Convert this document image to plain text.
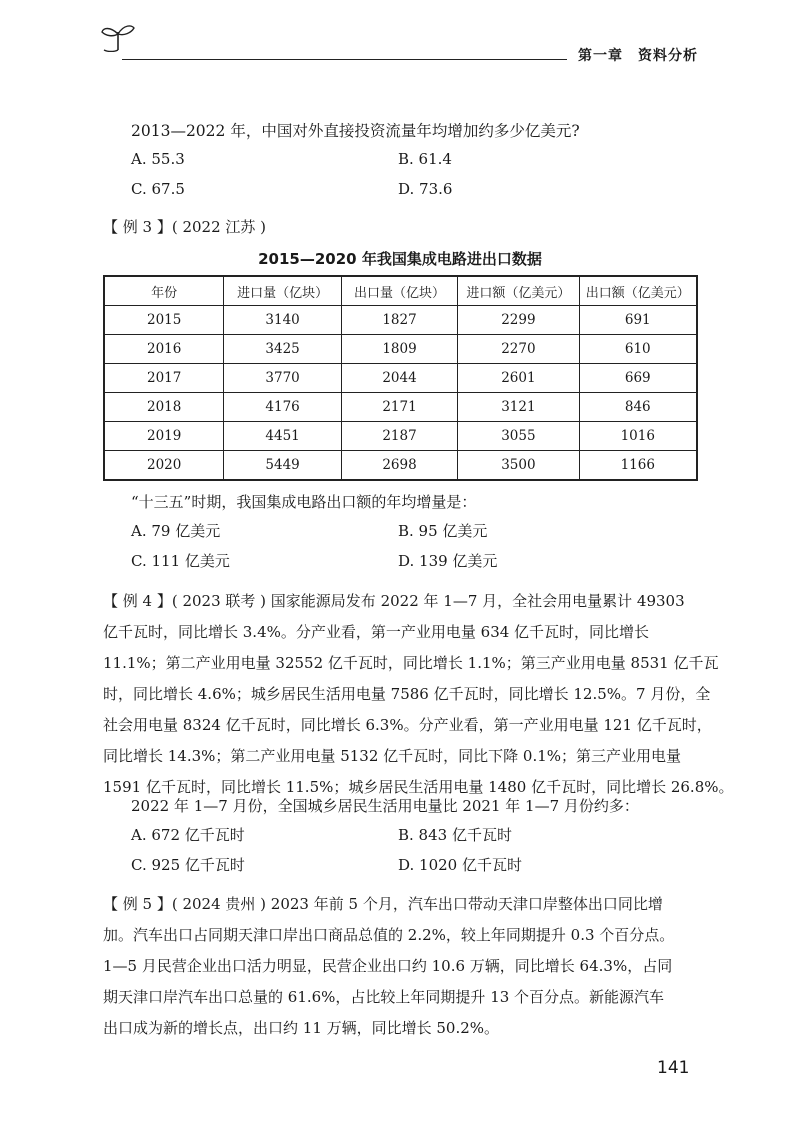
第一章　资料分析
2013—2022 年，中国对外直接投资流量年均增加约多少亿美元?
A. 55.3	B. 61.4
C. 67.5	D. 73.6
【 例 3 】( 2022 江苏 )
2015—2020 年我国集成电路进出口数据
年份	进口量（亿块）	出口量（亿块）	进口额（亿美元）	出口额（亿美元）
2015	3140	1827	2299	691
2016	3425	1809	2270	610
2017	3770	2044	2601	669
2018	4176	2171	3121	846
2019	4451	2187	3055	1016
2020	5449	2698	3500	1166
“十三五”时期，我国集成电路出口额的年均增量是：
A. 79 亿美元	B. 95 亿美元
C. 111 亿美元	D. 139 亿美元

【 例 4 】( 2023 联考 ) 国家能源局发布 2022 年 1—7 月，全社会用电量累计 49303

亿千瓦时，同比增长 3.4%。分产业看，第一产业用电量 634 亿千瓦时，同比增长

11.1%；第二产业用电量 32552 亿千瓦时，同比增长 1.1%；第三产业用电量 8531 亿千瓦

时，同比增长 4.6%；城乡居民生活用电量 7586 亿千瓦时，同比增长 12.5%。7 月份，全

社会用电量 8324 亿千瓦时，同比增长 6.3%。分产业看，第一产业用电量 121 亿千瓦时，

同比增长 14.3%；第二产业用电量 5132 亿千瓦时，同比下降 0.1%；第三产业用电量

1591 亿千瓦时，同比增长 11.5%；城乡居民生活用电量 1480 亿千瓦时，同比增长 26.8%。

2022 年 1—7 月份，全国城乡居民生活用电量比 2021 年 1—7 月份约多：
A. 672 亿千瓦时	B. 843 亿千瓦时
C. 925 亿千瓦时	D. 1020 亿千瓦时

【 例 5 】( 2024 贵州 ) 2023 年前 5 个月，汽车出口带动天津口岸整体出口同比增

加。汽车出口占同期天津口岸出口商品总值的 2.2%，较上年同期提升 0.3 个百分点。

1—5 月民营企业出口活力明显，民营企业出口约 10.6 万辆，同比增长 64.3%，占同

期天津口岸汽车出口总量的 61.6%，占比较上年同期提升 13 个百分点。新能源汽车

出口成为新的增长点，出口约 11 万辆，同比增长 50.2%。

141
